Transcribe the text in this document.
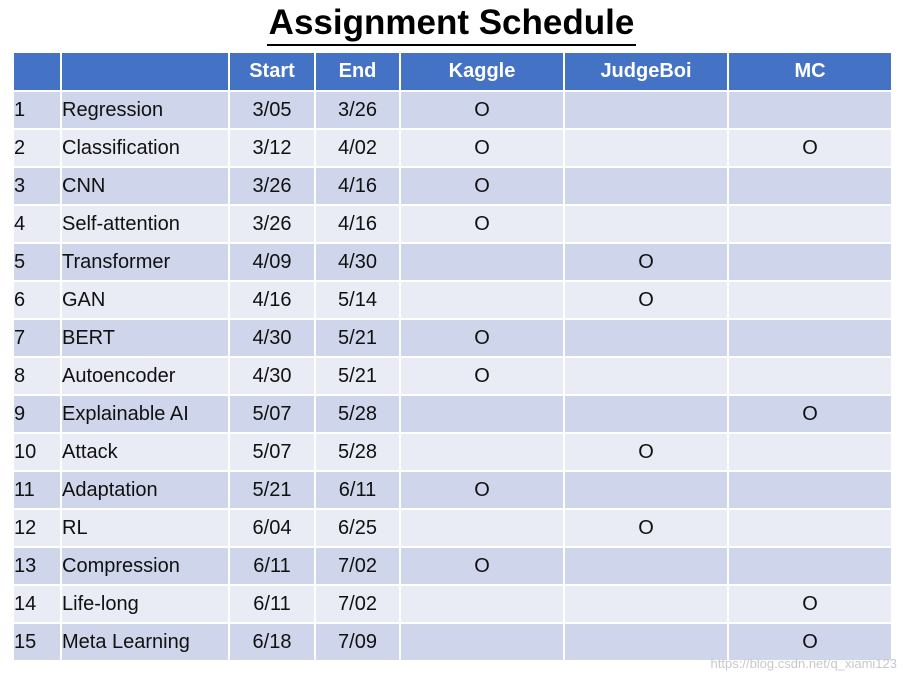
Assignment Schedule
		Start	End	Kaggle	JudgeBoi	MC
1	Regression	3/05	3/26	O		
2	Classification	3/12	4/02	O		O
3	CNN	3/26	4/16	O		
4	Self-attention	3/26	4/16	O		
5	Transformer	4/09	4/30		O	
6	GAN	4/16	5/14		O	
7	BERT	4/30	5/21	O		
8	Autoencoder	4/30	5/21	O		
9	Explainable AI	5/07	5/28			O
10	Attack	5/07	5/28		O	
11	Adaptation	5/21	6/11	O		
12	RL	6/04	6/25		O	
13	Compression	6/11	7/02	O		
14	Life-long	6/11	7/02			O
15	Meta Learning	6/18	7/09			O
https://blog.csdn.net/q_xiami123
